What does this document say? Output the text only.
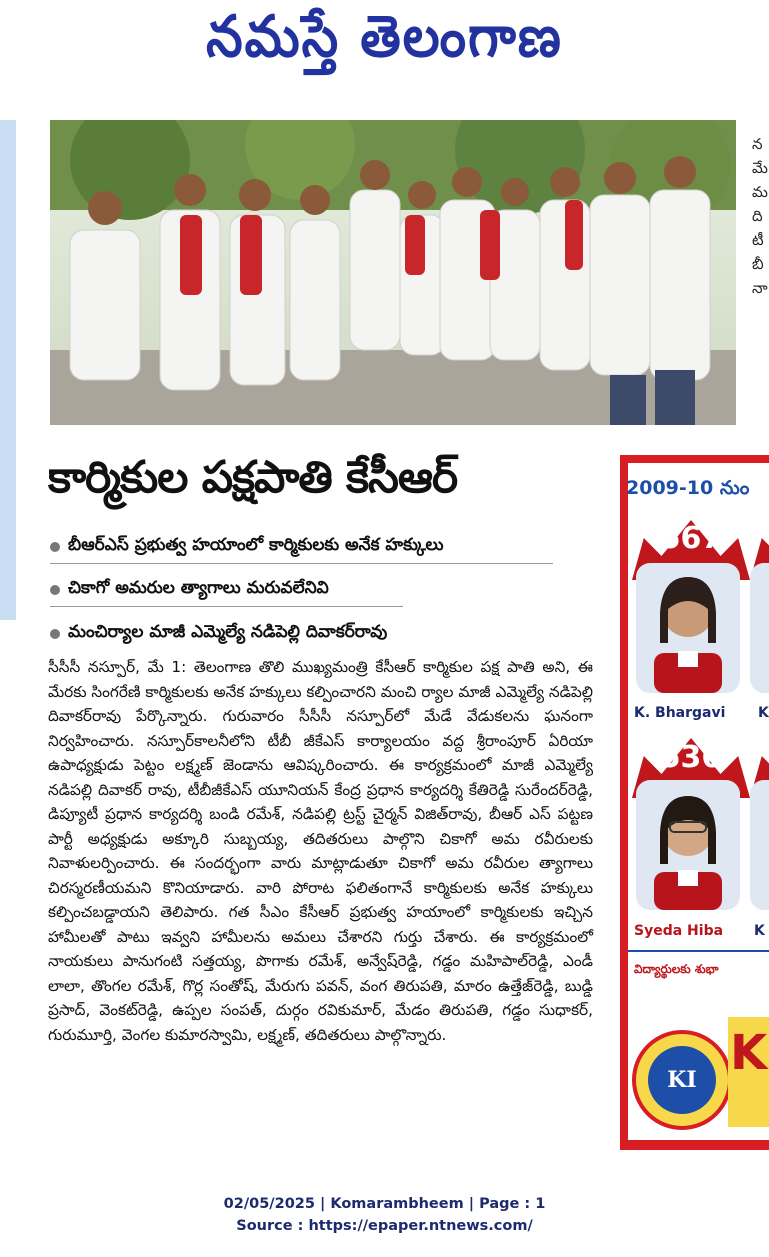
నమస్తే తెలంగాణ
న
మే
మ
ది
టీ
బీ
నా
కార్మికుల పక్షపాతి కేసీఆర్
బీఆర్ఎస్ ప్రభుత్వ హయాంలో కార్మికులకు అనేక హక్కులు
చికాగో అమరుల త్యాగాలు మరువలేనివి
మంచిర్యాల మాజీ ఎమ్మెల్యే నడిపెల్లి దివాకర్‌రావు
సీసీసీ నస్పూర్, మే 1: తెలంగాణ తొలి ముఖ్యమంత్రి కేసీఆర్ కార్మికుల పక్ష పాతి అని, ఈ మేరకు సింగరేణి కార్మికులకు అనేక హక్కులు కల్పించారని మంచి ర్యాల మాజీ ఎమ్మెల్యే నడిపెల్లి దివాకర్‌రావు పేర్కొన్నారు. గురువారం సీసీసీ నస్పూర్‌లో మేడే వేడుకలను ఘనంగా నిర్వహించారు. నస్పూర్‌కాలనీలోని టీబీ జీకేఎస్ కార్యాలయం వద్ద శ్రీరాంపూర్ ఏరియా ఉపాధ్యక్షుడు పెట్టం లక్ష్మణ్ జెండాను ఆవిష్కరించారు. ఈ కార్యక్రమంలో మాజీ ఎమ్మెల్యే నడిపల్లి దివాకర్ రావు, టీబీజీకేఎస్ యూనియన్ కేంద్ర ప్రధాన కార్యదర్శి కేతిరెడ్డి సురేందర్‌రెడ్డి, డిప్యూటీ ప్రధాన కార్యదర్శి బండి రమేశ్, నడిపల్లి ట్రస్ట్ చైర్మన్ విజిత్‌రావు, బీఆర్ ఎస్ పట్టణ పార్టీ అధ్యక్షుడు అక్కూరి సుబ్బయ్య, తదితరులు పాల్గొని చికాగో అమ రవీరులకు నివాళులర్పించారు. ఈ సందర్భంగా వారు మాట్లాడుతూ చికాగో అమ రవీరుల త్యాగాలు చిరస్మరణీయమని కొనియాడారు. వారి పోరాట ఫలితంగానే కార్మికులకు అనేక హక్కులు కల్పించబడ్డాయని తెలిపారు. గత సీఎం కేసీఆర్ ప్రభుత్వ హయాంలో కార్మికులకు ఇచ్చిన హామీలతో పాటు ఇవ్వని హామీలను అమలు చేశారని గుర్తు చేశారు. ఈ కార్యక్రమంలో నాయకులు పానుగంటి సత్తయ్య, పొగాకు రమేశ్, అన్వేష్‌రెడ్డి, గడ్డం మహిపాల్‌రెడ్డి, ఎండీ లాలా, తొంగల రమేశ్, గొర్ల సంతోష్, మేరుగు పవన్, వంగ తిరుపతి, మారం ఉత్తేజ్‌రెడ్డి, బుడ్డి ప్రసాద్, వెంకట్‌రెడ్డి, ఉప్పల సంపత్, దుర్గం రవికుమార్, మేడం తిరుపతి, గడ్డం సుధాకర్, గురుమూర్తి, వెంగల కుమారస్వామి, లక్ష్మణ్, తదితరులు పాల్గొన్నారు.
2009-10 నుం
567
K. Bhargavi K
536
Syeda Hiba K
విద్యార్థులకు శుభా
KI K
02/05/2025 | Komarambheem | Page : 1
Source : https://epaper.ntnews.com/
